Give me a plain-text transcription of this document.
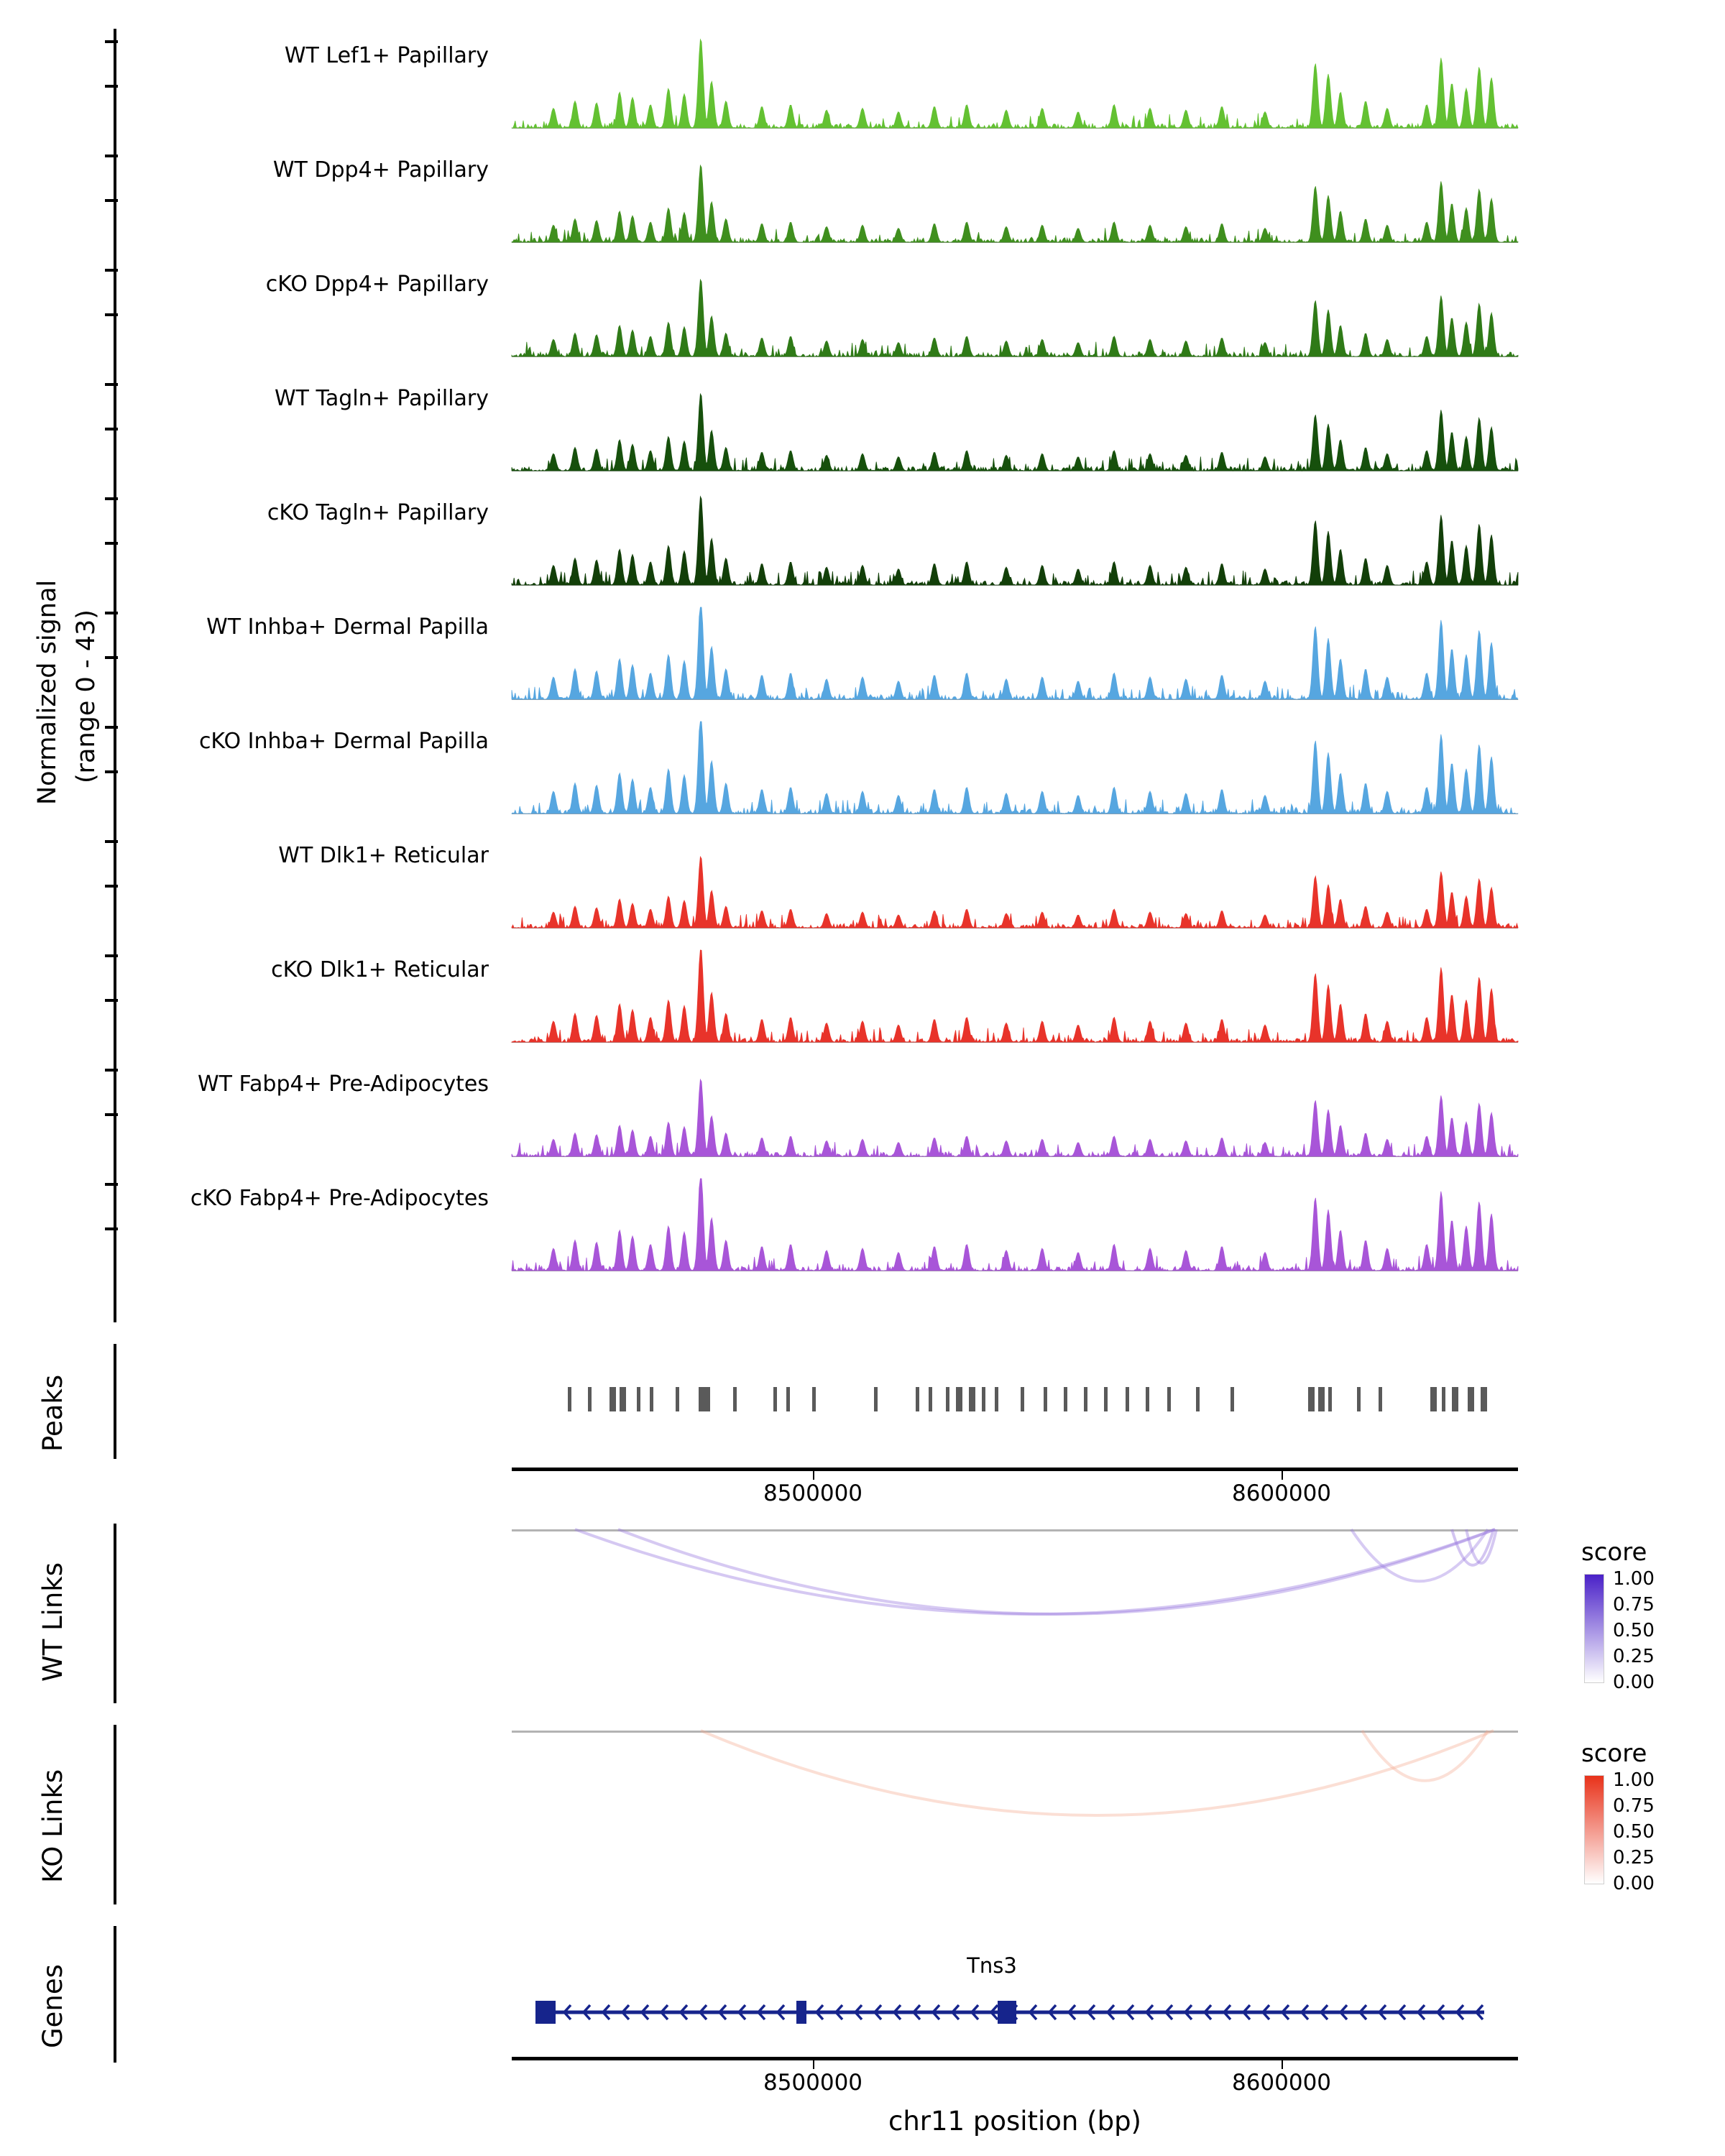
Normalized signal (range 0 - 43)
Peaks
WT Links
KO Links
Genes
WT Lef1+ Papillary
WT Dpp4+ Papillary
cKO Dpp4+ Papillary
WT Tagln+ Papillary
cKO Tagln+ Papillary
WT Inhba+ Dermal Papilla
cKO Inhba+ Dermal Papilla
WT Dlk1+ Reticular
cKO Dlk1+ Reticular
WT Fabp4+ Pre-Adipocytes
cKO Fabp4+ Pre-Adipocytes
8500000	8600000
score
1.00
0.75
0.50
0.25
0.00
score
1.00
0.75
0.50
0.25
0.00
Tns3
8500000	8600000
chr11 position (bp)
